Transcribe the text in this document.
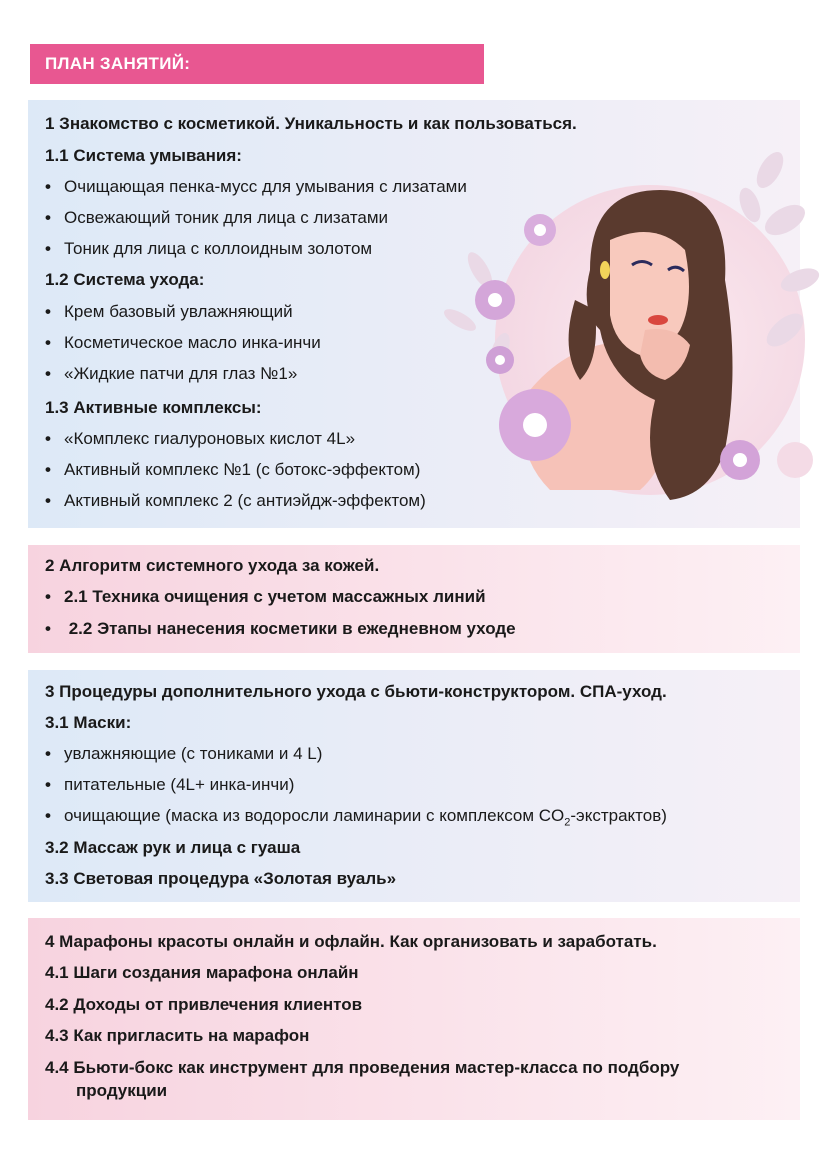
ПЛАН ЗАНЯТИЙ:
1 Знакомство с косметикой. Уникальность и как пользоваться.
1.1 Система умывания:
• Очищающая пенка-мусс для умывания с лизатами
• Освежающий тоник для лица с лизатами
• Тоник для лица с коллоидным золотом
1.2 Система ухода:
• Крем базовый увлажняющий
• Косметическое масло инка-инчи
• «Жидкие патчи для глаз №1»
1.3 Активные комплексы:
• «Комплекс гиалуроновых кислот 4L»
• Активный комплекс №1 (с ботокс-эффектом)
• Активный комплекс 2 (с антиэйдж-эффектом)
2 Алгоритм системного ухода за кожей.
• 2.1 Техника очищения с учетом массажных линий
• 2.2 Этапы нанесения косметики в ежедневном уходе
3 Процедуры дополнительного ухода с бьюти-конструктором. СПА-уход.
3.1 Маски:
• увлажняющие (с тониками и 4 L)
• питательные (4L+ инка-инчи)
• очищающие (маска из водоросли ламинарии с комплексом $CO_2-экстрактов$)
3.2 Массаж рук и лица с гуаша
3.3 Световая процедура «Золотая вуаль»
4 Марафоны красоты онлайн и офлайн. Как организовать и заработать.
4.1 Шаги создания марафона онлайн
4.2 Доходы от привлечения клиентов
4.3 Как пригласить на марафон
4.4 Бьюти-бокс как инструмент для проведения мастер-класса по подбору
продукции
